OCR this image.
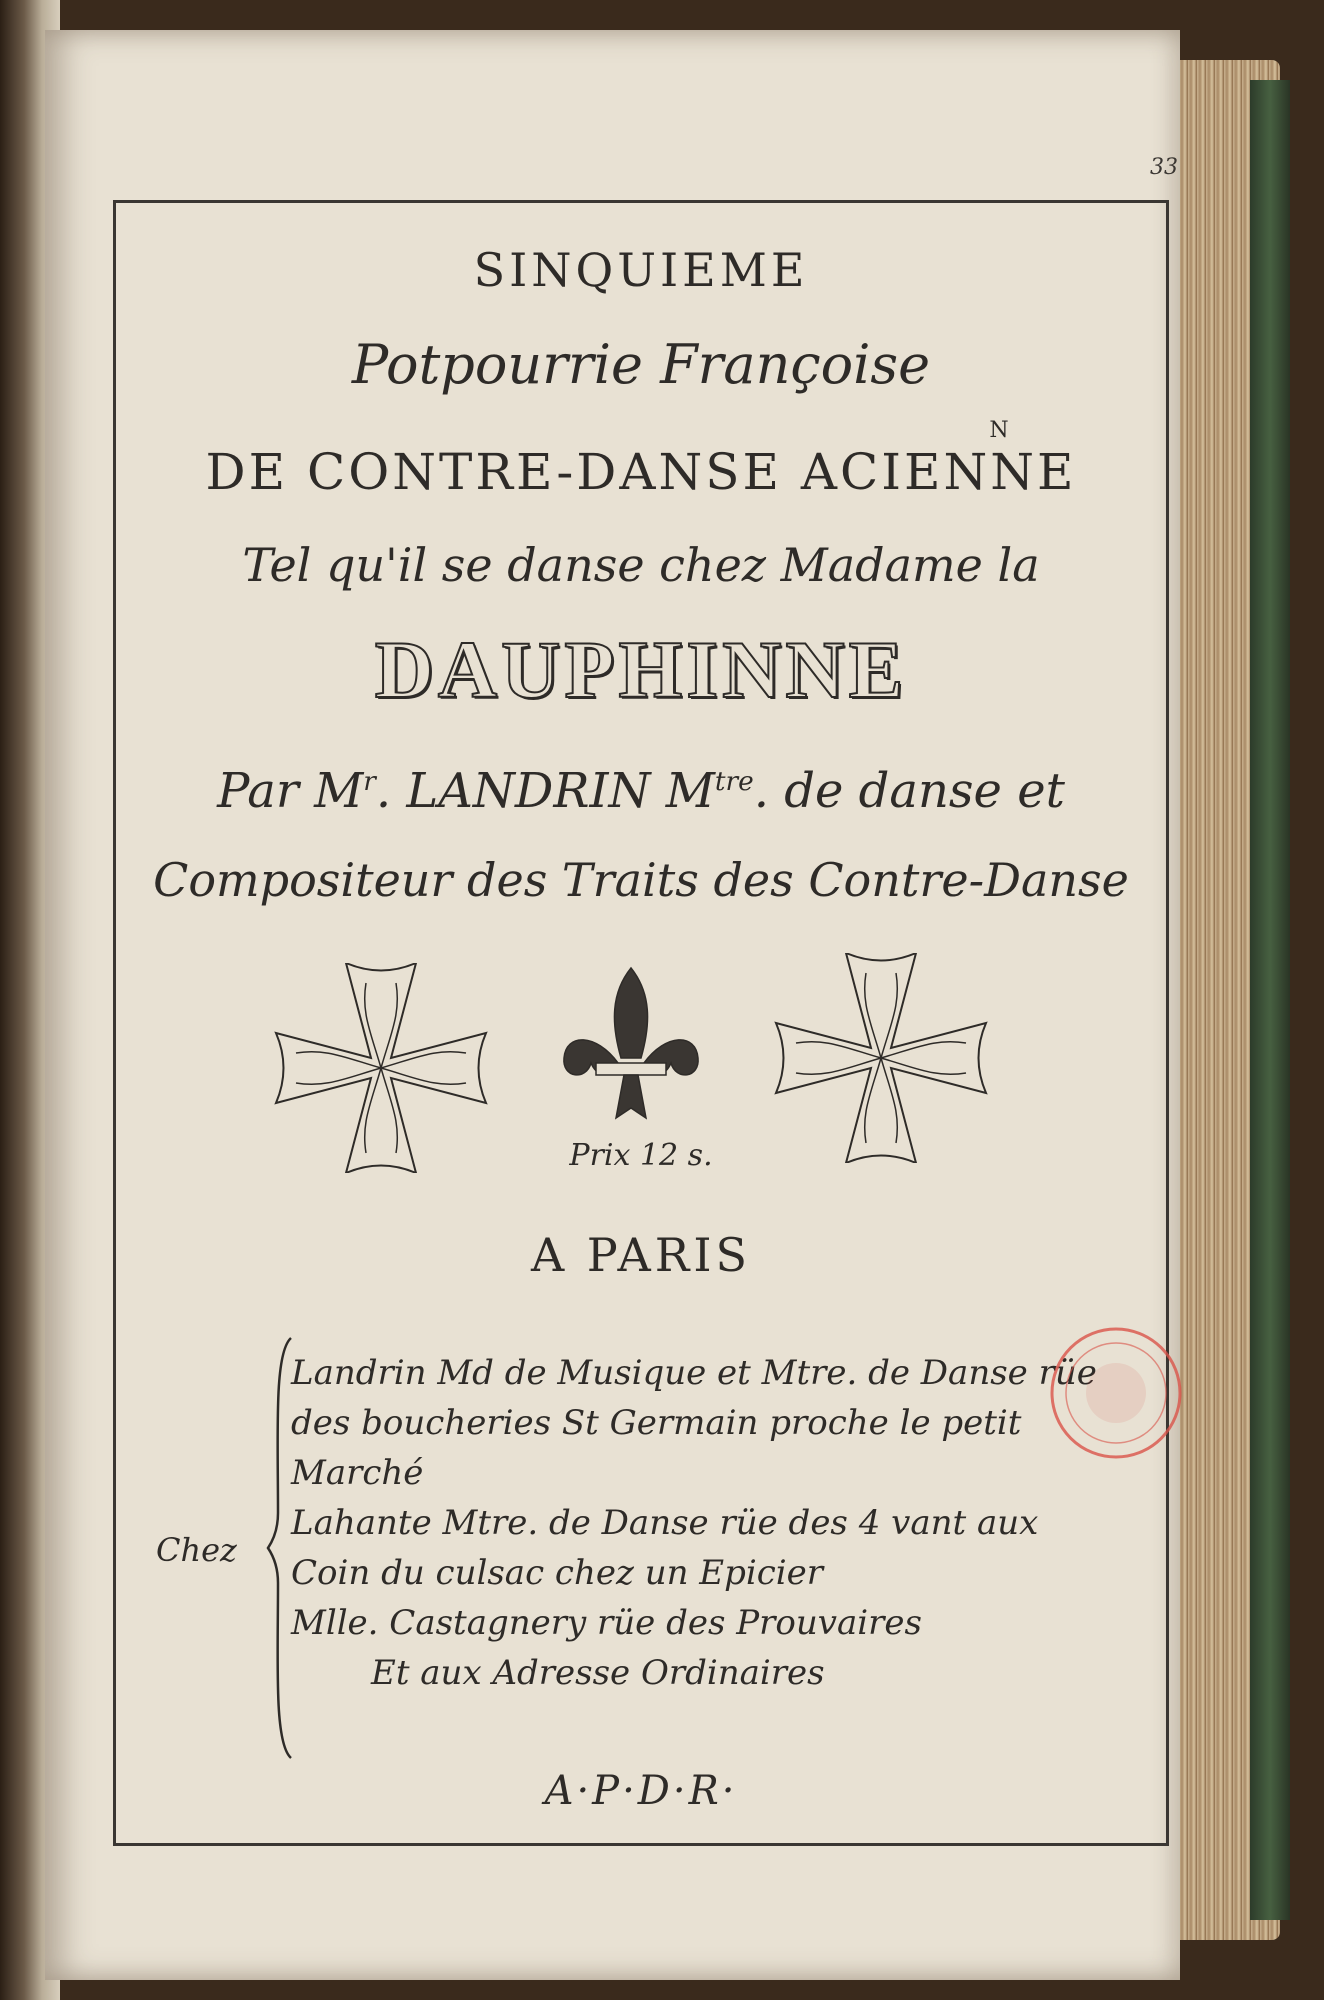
33
SINQUIEME
Potpourrie Françoise
N
DE CONTRE-DANSE ACIENNE
Tel qu'il se danse chez Madame la
DAUPHINNE
Par $M^r$. LANDRIN $M^{tre}$. de danse et
Compositeur des Traits des Contre-Danse
Prix 12 s.
A PARIS
Chez
Landrin Md de Musique et Mtre. de Danse rüe
des boucheries St Germain proche le petit
Marché
Lahante Mtre. de Danse rüe des 4 vant aux
Coin du culsac chez un Epicier
Mlle. Castagnery rüe des Prouvaires
Et aux Adresse Ordinaires
A·P·D·R·
